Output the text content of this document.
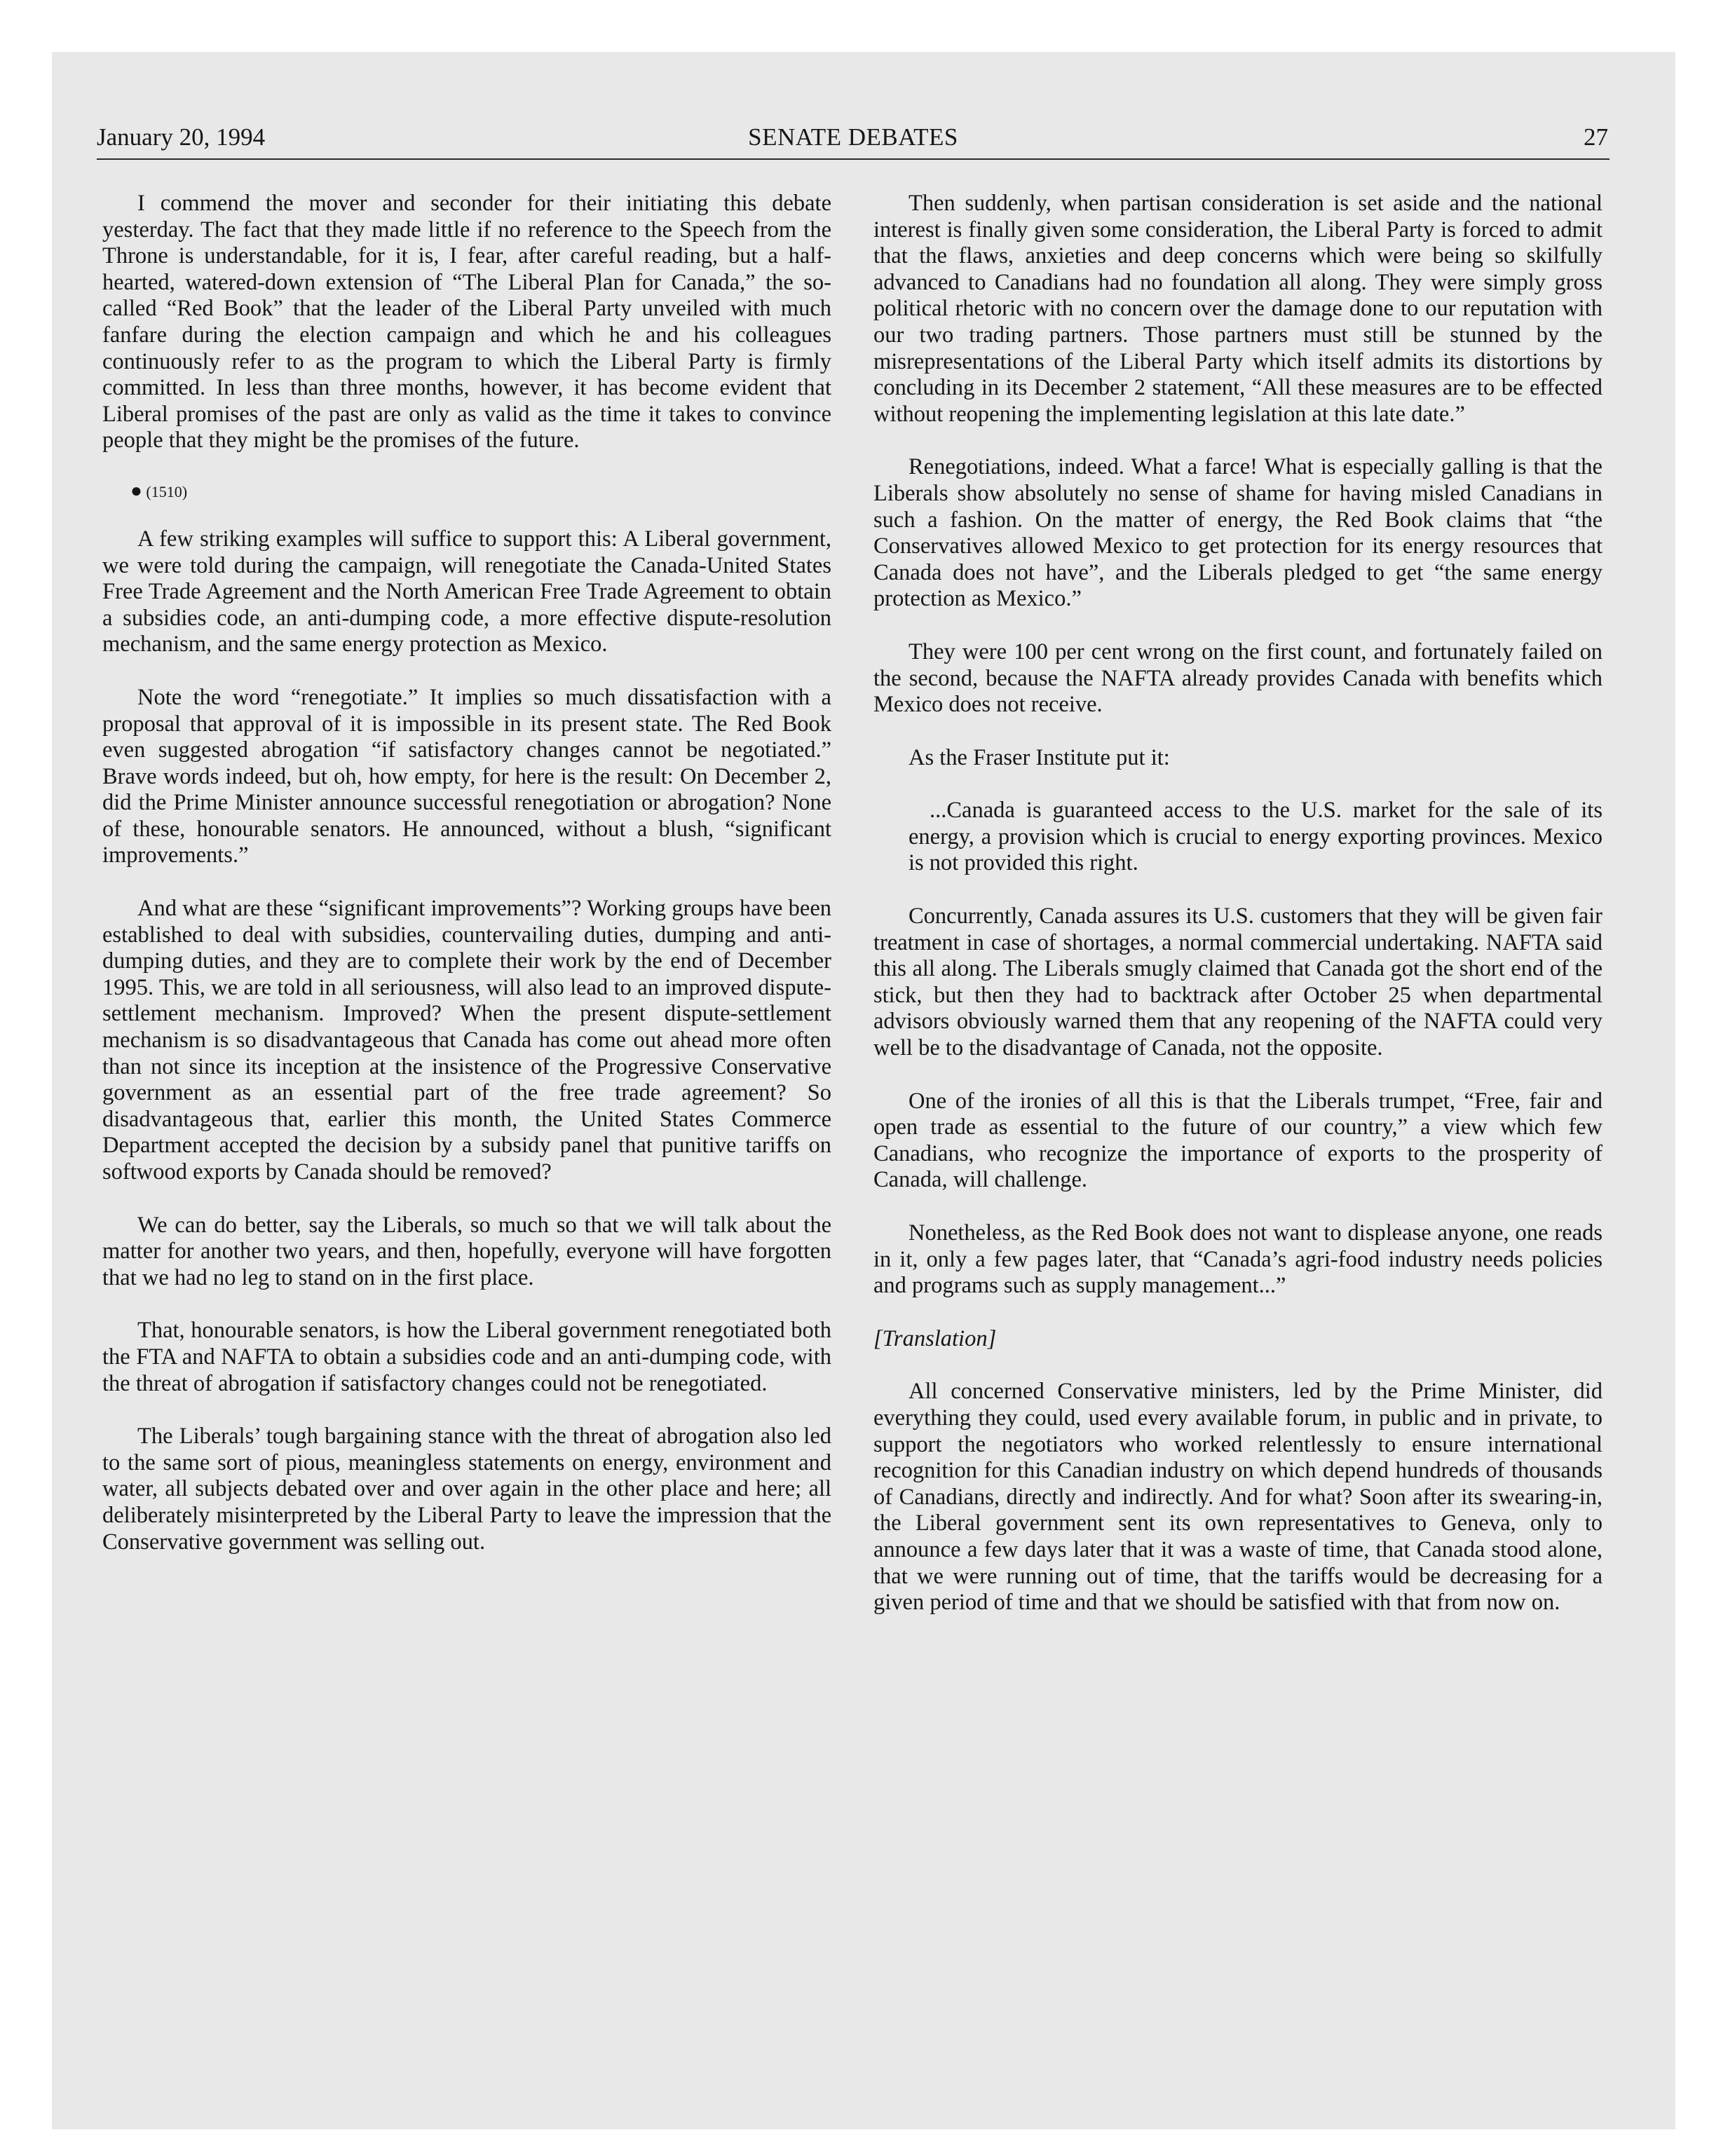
January 20, 1994	SENATE DEBATES	27

I commend the mover and seconder for their initiating this debate yesterday. The fact that they made little if no reference to the Speech from the Throne is understandable, for it is, I fear, after careful reading, but a half-hearted, watered-down extension of “The Liberal Plan for Canada,” the so-called “Red Book” that the leader of the Liberal Party unveiled with much fanfare during the election campaign and which he and his colleagues continuously refer to as the program to which the Liberal Party is firmly committed. In less than three months, however, it has become evident that Liberal promises of the past are only as valid as the time it takes to convince people that they might be the promises of the future.

● (1510)

A few striking examples will suffice to support this: A Liberal government, we were told during the campaign, will renegotiate the Canada-United States Free Trade Agreement and the North American Free Trade Agreement to obtain a subsidies code, an anti-dumping code, a more effective dispute-resolution mechanism, and the same energy protection as Mexico.

Note the word “renegotiate.” It implies so much dissatisfaction with a proposal that approval of it is impossible in its present state. The Red Book even suggested abrogation “if satisfactory changes cannot be negotiated.” Brave words indeed, but oh, how empty, for here is the result: On December 2, did the Prime Minister announce successful renegotiation or abrogation? None of these, honourable senators. He announced, without a blush, “significant improvements.”

And what are these “significant improvements”? Working groups have been established to deal with subsidies, countervailing duties, dumping and anti-dumping duties, and they are to complete their work by the end of December 1995. This, we are told in all seriousness, will also lead to an improved dispute-settlement mechanism. Improved? When the present dispute-settlement mechanism is so disadvantageous that Canada has come out ahead more often than not since its inception at the insistence of the Progressive Conservative government as an essential part of the free trade agreement? So disadvantageous that, earlier this month, the United States Commerce Department accepted the decision by a subsidy panel that punitive tariffs on softwood exports by Canada should be removed?

We can do better, say the Liberals, so much so that we will talk about the matter for another two years, and then, hopefully, everyone will have forgotten that we had no leg to stand on in the first place.

That, honourable senators, is how the Liberal government renegotiated both the FTA and NAFTA to obtain a subsidies code and an anti-dumping code, with the threat of abrogation if satisfactory changes could not be renegotiated.

The Liberals’ tough bargaining stance with the threat of abrogation also led to the same sort of pious, meaningless statements on energy, environment and water, all subjects debated over and over again in the other place and here; all deliberately misinterpreted by the Liberal Party to leave the impression that the Conservative government was selling out.

Then suddenly, when partisan consideration is set aside and the national interest is finally given some consideration, the Liberal Party is forced to admit that the flaws, anxieties and deep concerns which were being so skilfully advanced to Canadians had no foundation all along. They were simply gross political rhetoric with no concern over the damage done to our reputation with our two trading partners. Those partners must still be stunned by the misrepresentations of the Liberal Party which itself admits its distortions by concluding in its December 2 statement, “All these measures are to be effected without reopening the implementing legislation at this late date.”

Renegotiations, indeed. What a farce! What is especially galling is that the Liberals show absolutely no sense of shame for having misled Canadians in such a fashion. On the matter of energy, the Red Book claims that “the Conservatives allowed Mexico to get protection for its energy resources that Canada does not have”, and the Liberals pledged to get “the same energy protection as Mexico.”

They were 100 per cent wrong on the first count, and fortunately failed on the second, because the NAFTA already provides Canada with benefits which Mexico does not receive.

As the Fraser Institute put it:

...Canada is guaranteed access to the U.S. market for the sale of its energy, a provision which is crucial to energy exporting provinces. Mexico is not provided this right.

Concurrently, Canada assures its U.S. customers that they will be given fair treatment in case of shortages, a normal commercial undertaking. NAFTA said this all along. The Liberals smugly claimed that Canada got the short end of the stick, but then they had to backtrack after October 25 when departmental advisors obviously warned them that any reopening of the NAFTA could very well be to the disadvantage of Canada, not the opposite.

One of the ironies of all this is that the Liberals trumpet, “Free, fair and open trade as essential to the future of our country,” a view which few Canadians, who recognize the importance of exports to the prosperity of Canada, will challenge.

Nonetheless, as the Red Book does not want to displease anyone, one reads in it, only a few pages later, that “Canada’s agri-food industry needs policies and programs such as supply management...”

[Translation]

All concerned Conservative ministers, led by the Prime Minister, did everything they could, used every available forum, in public and in private, to support the negotiators who worked relentlessly to ensure international recognition for this Canadian industry on which depend hundreds of thousands of Canadians, directly and indirectly. And for what? Soon after its swearing-in, the Liberal government sent its own representatives to Geneva, only to announce a few days later that it was a waste of time, that Canada stood alone, that we were running out of time, that the tariffs would be decreasing for a given period of time and that we should be satisfied with that from now on.
